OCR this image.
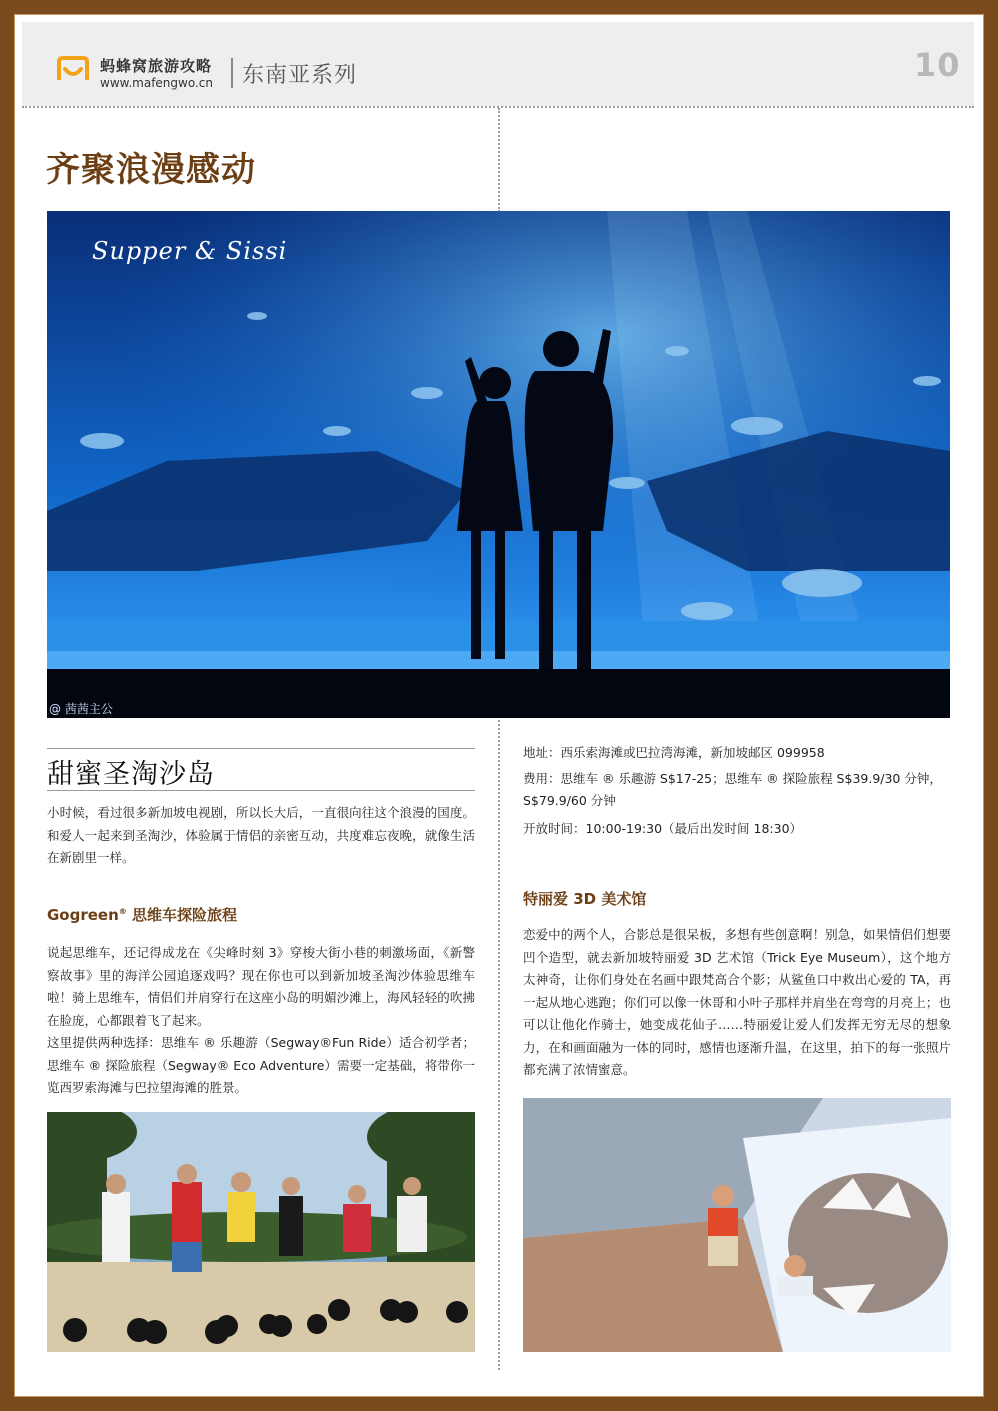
蚂蜂窝旅游攻略
www.mafengwo.cn 东南亚系列	10
齐聚浪漫感动
Supper & Sissi
@ 茜茜主公
甜蜜圣淘沙岛
小时候，看过很多新加坡电视剧，所以长大后，一直很向往这个浪漫的国度。和爱人一起来到圣淘沙，体验属于情侣的亲密互动，共度难忘夜晚，就像生活在新剧里一样。
Gogreen® 思维车探险旅程
说起思维车，还记得成龙在《尖峰时刻 3》穿梭大街小巷的刺激场面，《新警察故事》里的海洋公园追逐戏吗？现在你也可以到新加坡圣淘沙体验思维车啦！骑上思维车，情侣们并肩穿行在这座小岛的明媚沙滩上，海风轻轻的吹拂在脸庞，心都跟着飞了起来。
这里提供两种选择：思维车 ® 乐趣游（Segway®Fun Ride）适合初学者；思维车 ® 探险旅程（Segway® Eco Adventure）需要一定基础，将带你一览西罗索海滩与巴拉望海滩的胜景。
地址：西乐索海滩或巴拉湾海滩，新加坡邮区 099958
费用：思维车 ® 乐趣游 S$17-25；思维车 ® 探险旅程 S$39.9/30 分钟，
S$79.9/60 分钟
开放时间：10:00-19:30（最后出发时间 18:30）
特丽爱 3D 美术馆
恋爱中的两个人，合影总是很呆板，多想有些创意啊！别急，如果情侣们想要凹个造型，就去新加坡特丽爱 3D 艺术馆（Trick Eye Museum），这个地方太神奇，让你们身处在名画中跟梵高合个影；从鲨鱼口中救出心爱的 TA，再一起从地心逃跑；你们可以像一休哥和小叶子那样并肩坐在弯弯的月亮上；也可以让他化作骑士，她变成花仙子……特丽爱让爱人们发挥无穷无尽的想象力，在和画面融为一体的同时，感情也逐渐升温，在这里，拍下的每一张照片都充满了浓情蜜意。
